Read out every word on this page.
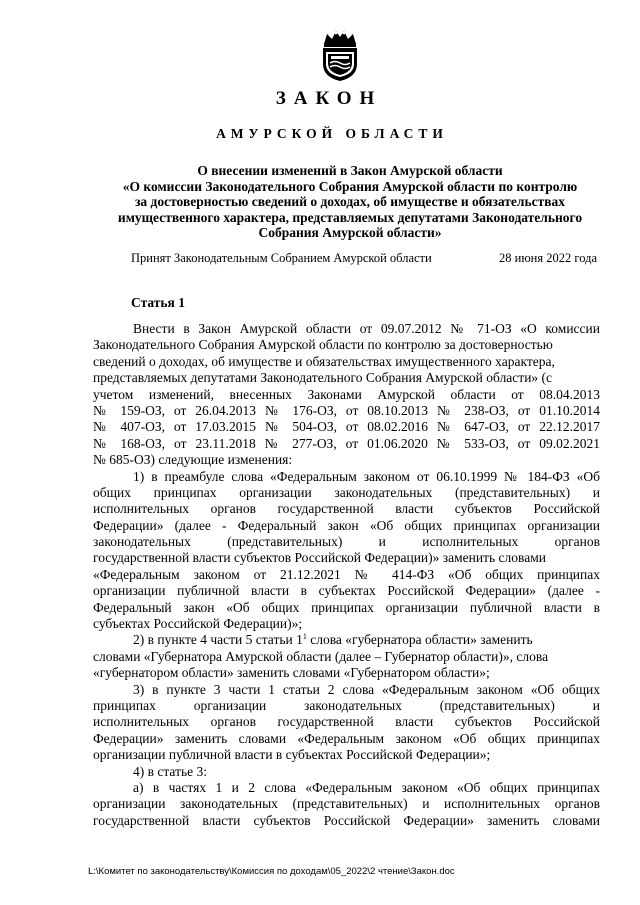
ЗАКОН
АМУРСКОЙ ОБЛАСТИ
О внесении изменений в Закон Амурской области
«О комиссии Законодательного Собрания Амурской области по контролю
за достоверностью сведений о доходах, об имуществе и обязательствах
имущественного характера, представляемых депутатами Законодательного
Собрания Амурской области»
Принят Законодательным Собранием Амурской области	28 июня 2022 года
Статья 1
Внести в Закон Амурской области от 09.07.2012 № 71-ОЗ «О комиссии
Законодательного Собрания Амурской области по контролю за достоверностью
сведений о доходах, об имуществе и обязательствах имущественного характера,
представляемых депутатами Законодательного Собрания Амурской области» (с
учетом изменений, внесенных Законами Амурской области от 08.04.2013
№ 159-ОЗ, от 26.04.2013 № 176-ОЗ, от 08.10.2013 № 238-ОЗ, от 01.10.2014
№ 407-ОЗ, от 17.03.2015 № 504-ОЗ, от 08.02.2016 № 647-ОЗ, от 22.12.2017
№ 168-ОЗ, от 23.11.2018 № 277-ОЗ, от 01.06.2020 № 533-ОЗ, от 09.02.2021
№ 685-ОЗ) следующие изменения:
1) в преамбуле слова «Федеральным законом от 06.10.1999 № 184-ФЗ «Об
общих принципах организации законодательных (представительных) и
исполнительных органов государственной власти субъектов Российской
Федерации» (далее - Федеральный закон «Об общих принципах организации
законодательных (представительных) и исполнительных органов
государственной власти субъектов Российской Федерации)» заменить словами
«Федеральным законом от 21.12.2021 № 414-ФЗ «Об общих принципах
организации публичной власти в субъектах Российской Федерации» (далее -
Федеральный закон «Об общих принципах организации публичной власти в
субъектах Российской Федерации)»;
2) в пункте 4 части 5 статьи $1^1$ слова «губернатора области» заменить
словами «Губернатора Амурской области (далее – Губернатор области)», слова
«губернатором области» заменить словами «Губернатором области»;
3) в пункте 3 части 1 статьи 2 слова «Федеральным законом «Об общих
принципах организации законодательных (представительных) и
исполнительных органов государственной власти субъектов Российской
Федерации» заменить словами «Федеральным законом «Об общих принципах
организации публичной власти в субъектах Российской Федерации»;
4) в статье 3:
а) в частях 1 и 2 слова «Федеральным законом «Об общих принципах
организации законодательных (представительных) и исполнительных органов
государственной власти субъектов Российской Федерации» заменить словами
L:\Комитет по законодательству\Комиссия по доходам\05_2022\2 чтение\Закон.doc
